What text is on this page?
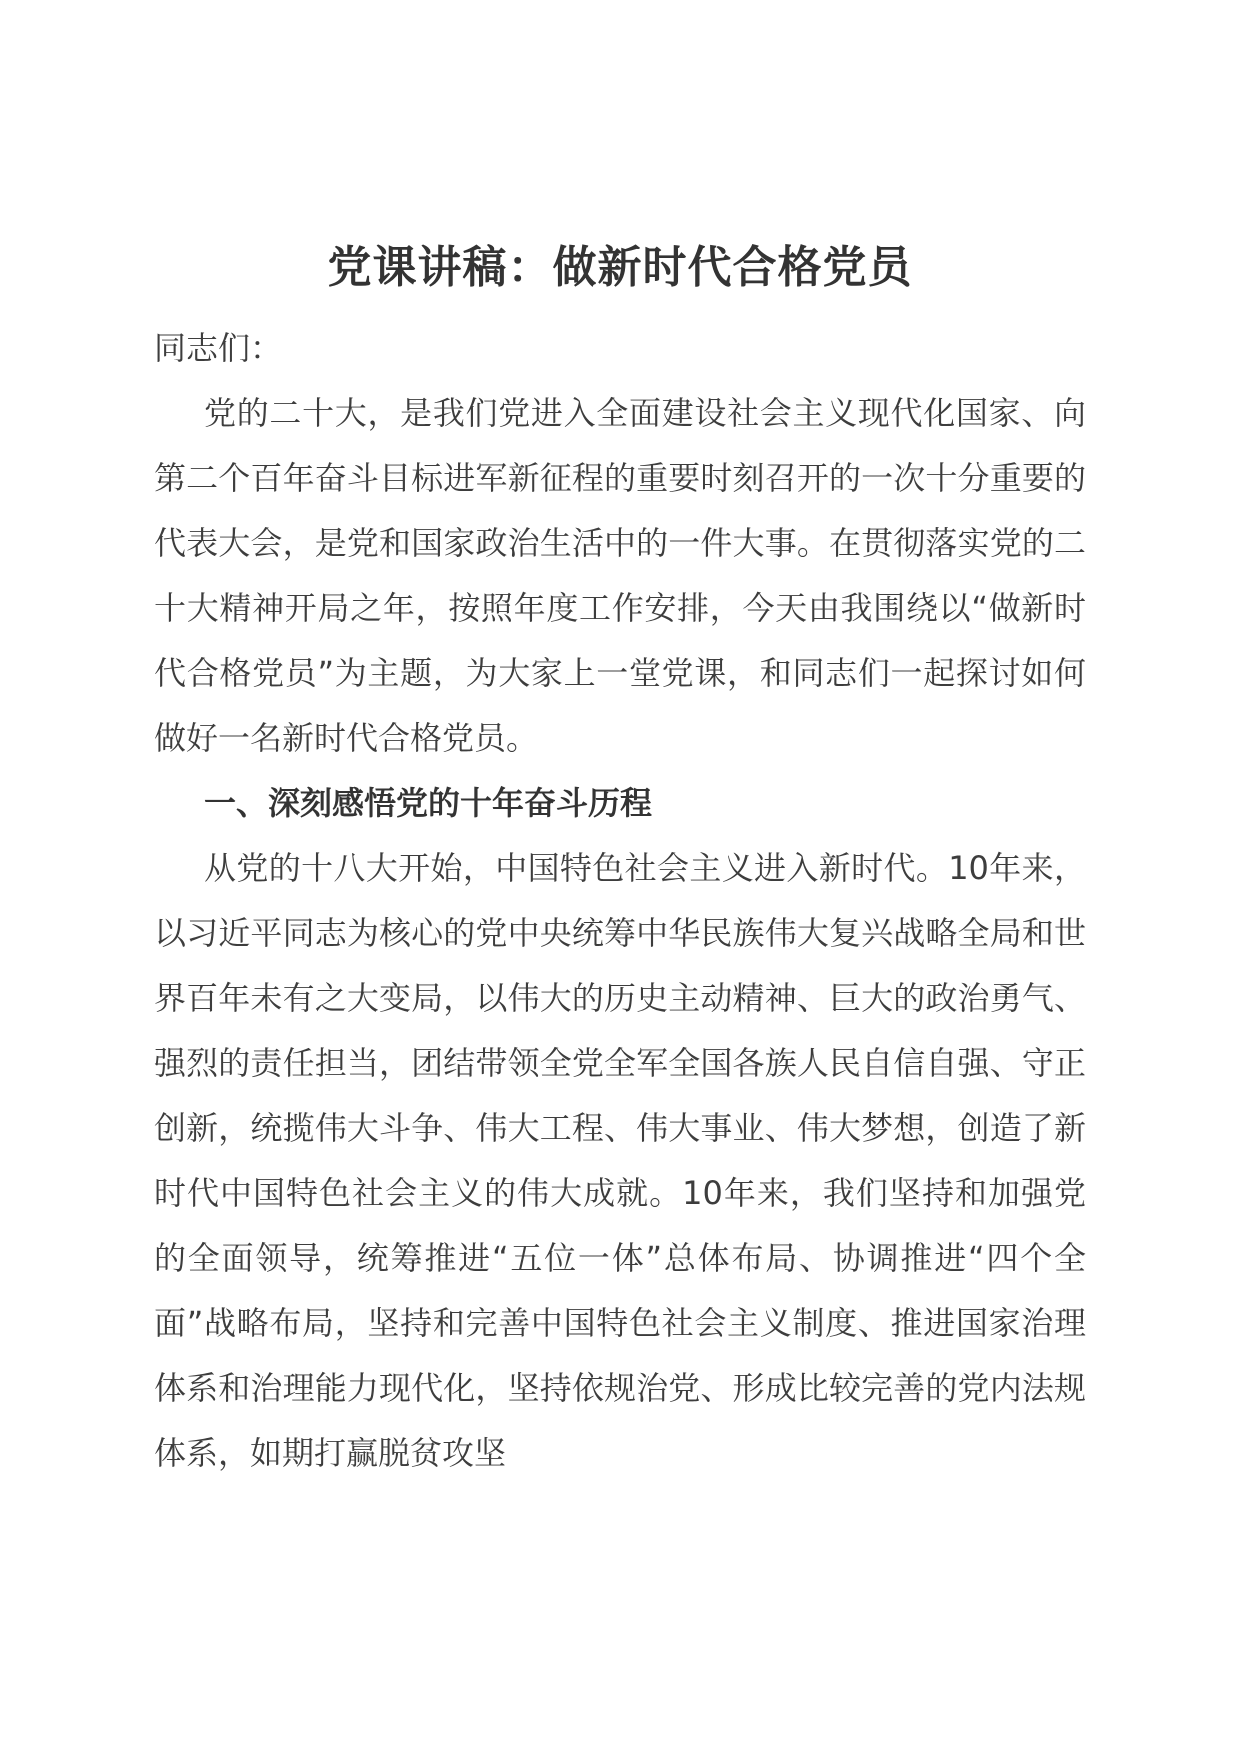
党课讲稿：做新时代合格党员

同志们：

党的二十大，是我们党进入全面建设社会主义现代化国家、向第二个百年奋斗目标进军新征程的重要时刻召开的一次十分重要的代表大会，是党和国家政治生活中的一件大事。在贯彻落实党的二十大精神开局之年，按照年度工作安排，今天由我围绕以“做新时代合格党员”为主题，为大家上一堂党课，和同志们一起探讨如何做好一名新时代合格党员。

一、深刻感悟党的十年奋斗历程

从党的十八大开始，中国特色社会主义进入新时代。10年来，以习近平同志为核心的党中央统筹中华民族伟大复兴战略全局和世界百年未有之大变局，以伟大的历史主动精神、巨大的政治勇气、强烈的责任担当，团结带领全党全军全国各族人民自信自强、守正创新，统揽伟大斗争、伟大工程、伟大事业、伟大梦想，创造了新时代中国特色社会主义的伟大成就。10年来，我们坚持和加强党的全面领导，统筹推进“五位一体”总体布局、协调推进“四个全面”战略布局，坚持和完善中国特色社会主义制度、推进国家治理体系和治理能力现代化，坚持依规治党、形成比较完善的党内法规体系，如期打赢脱贫攻坚
